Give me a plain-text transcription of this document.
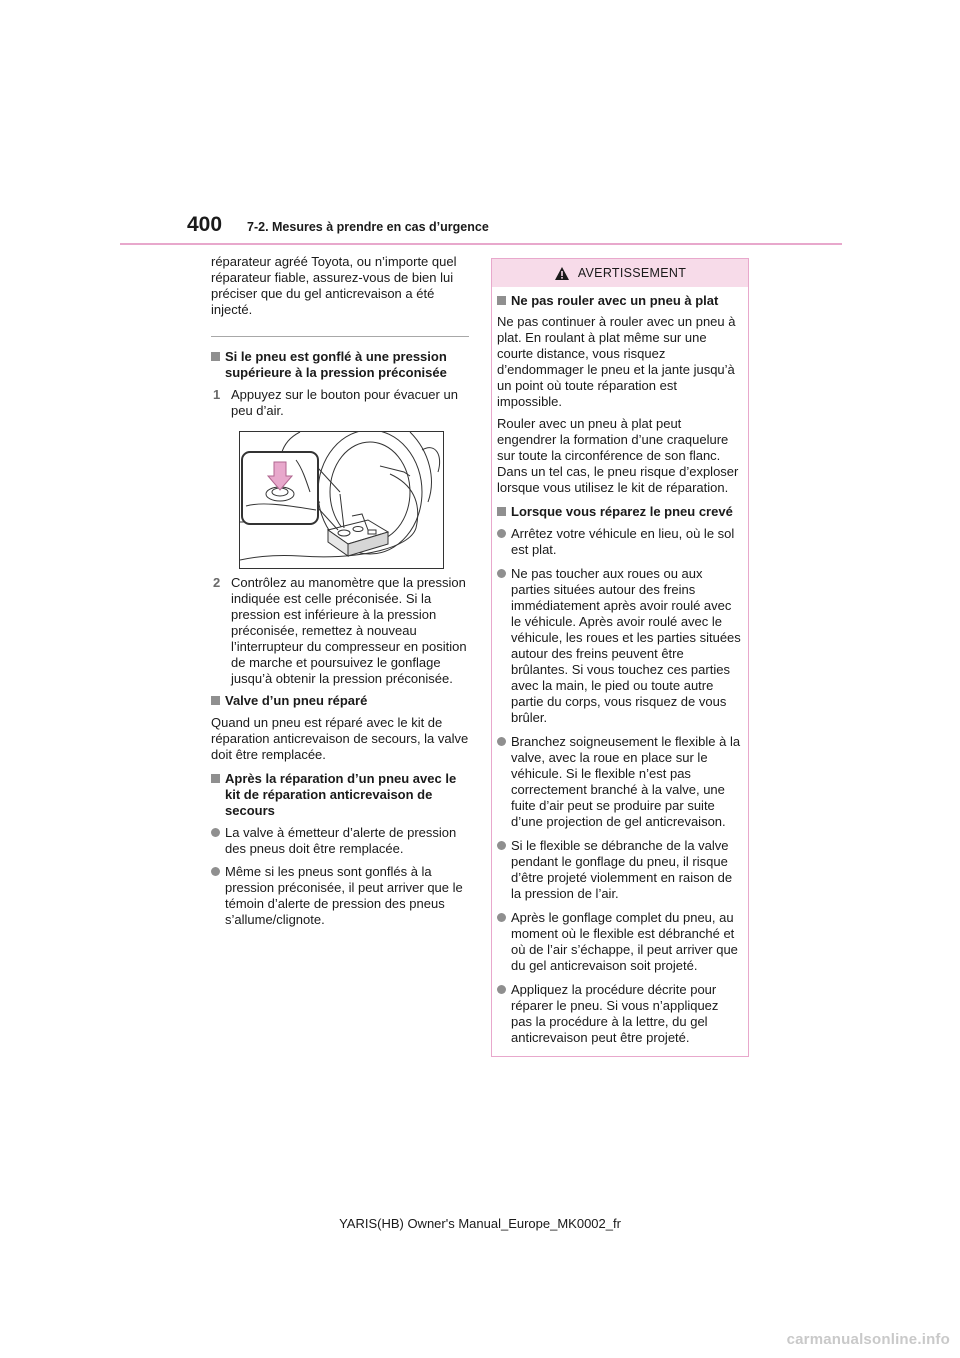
400 7-2. Mesures à prendre en cas d’urgence

réparateur agréé Toyota, ou n’importe quel réparateur fiable, assurez-vous de bien lui préciser que du gel anticrevaison a été injecté.

Si le pneu est gonflé à une pression supérieure à la pression préconisée
1 Appuyez sur le bouton pour évacuer un peu d’air.
2 Contrôlez au manomètre que la pression indiquée est celle préconisée. Si la pression est inférieure à la pression préconisée, remettez à nouveau l’interrupteur du compresseur en position de marche et poursuivez le gonflage jusqu’à obtenir la pression préconisée.
Valve d’un pneu réparé

Quand un pneu est réparé avec le kit de réparation anticrevaison de secours, la valve doit être remplacée.

Après la réparation d’un pneu avec le kit de réparation anticrevaison de secours
La valve à émetteur d’alerte de pression des pneus doit être remplacée.
Même si les pneus sont gonflés à la pression préconisée, il peut arriver que le témoin d’alerte de pression des pneus s’allume/clignote.
AVERTISSEMENT
Ne pas rouler avec un pneu à plat

Ne pas continuer à rouler avec un pneu à plat. En roulant à plat même sur une courte distance, vous risquez d’endommager le pneu et la jante jusqu’à un point où toute réparation est impossible.

Rouler avec un pneu à plat peut engendrer la formation d’une craquelure sur toute la circonférence de son flanc. Dans un tel cas, le pneu risque d’exploser lorsque vous utilisez le kit de réparation.

Lorsque vous réparez le pneu crevé
Arrêtez votre véhicule en lieu, où le sol est plat.
Ne pas toucher aux roues ou aux parties situées autour des freins immédiatement après avoir roulé avec le véhicule. Après avoir roulé avec le véhicule, les roues et les parties situées autour des freins peuvent être brûlantes. Si vous touchez ces parties avec la main, le pied ou toute autre partie du corps, vous risquez de vous brûler.
Branchez soigneusement le flexible à la valve, avec la roue en place sur le véhicule. Si le flexible n’est pas correctement branché à la valve, une fuite d’air peut se produire par suite d’une projection de gel anticrevaison.
Si le flexible se débranche de la valve pendant le gonflage du pneu, il risque d’être projeté violemment en raison de la pression de l’air.
Après le gonflage complet du pneu, au moment où le flexible est débranché et où de l’air s’échappe, il peut arriver que du gel anticrevaison soit projeté.
Appliquez la procédure décrite pour réparer le pneu. Si vous n’appliquez pas la procédure à la lettre, du gel anticrevaison peut être projeté.
YARIS(HB) Owner's Manual_Europe_MK0002_fr
carmanualsonline.info
